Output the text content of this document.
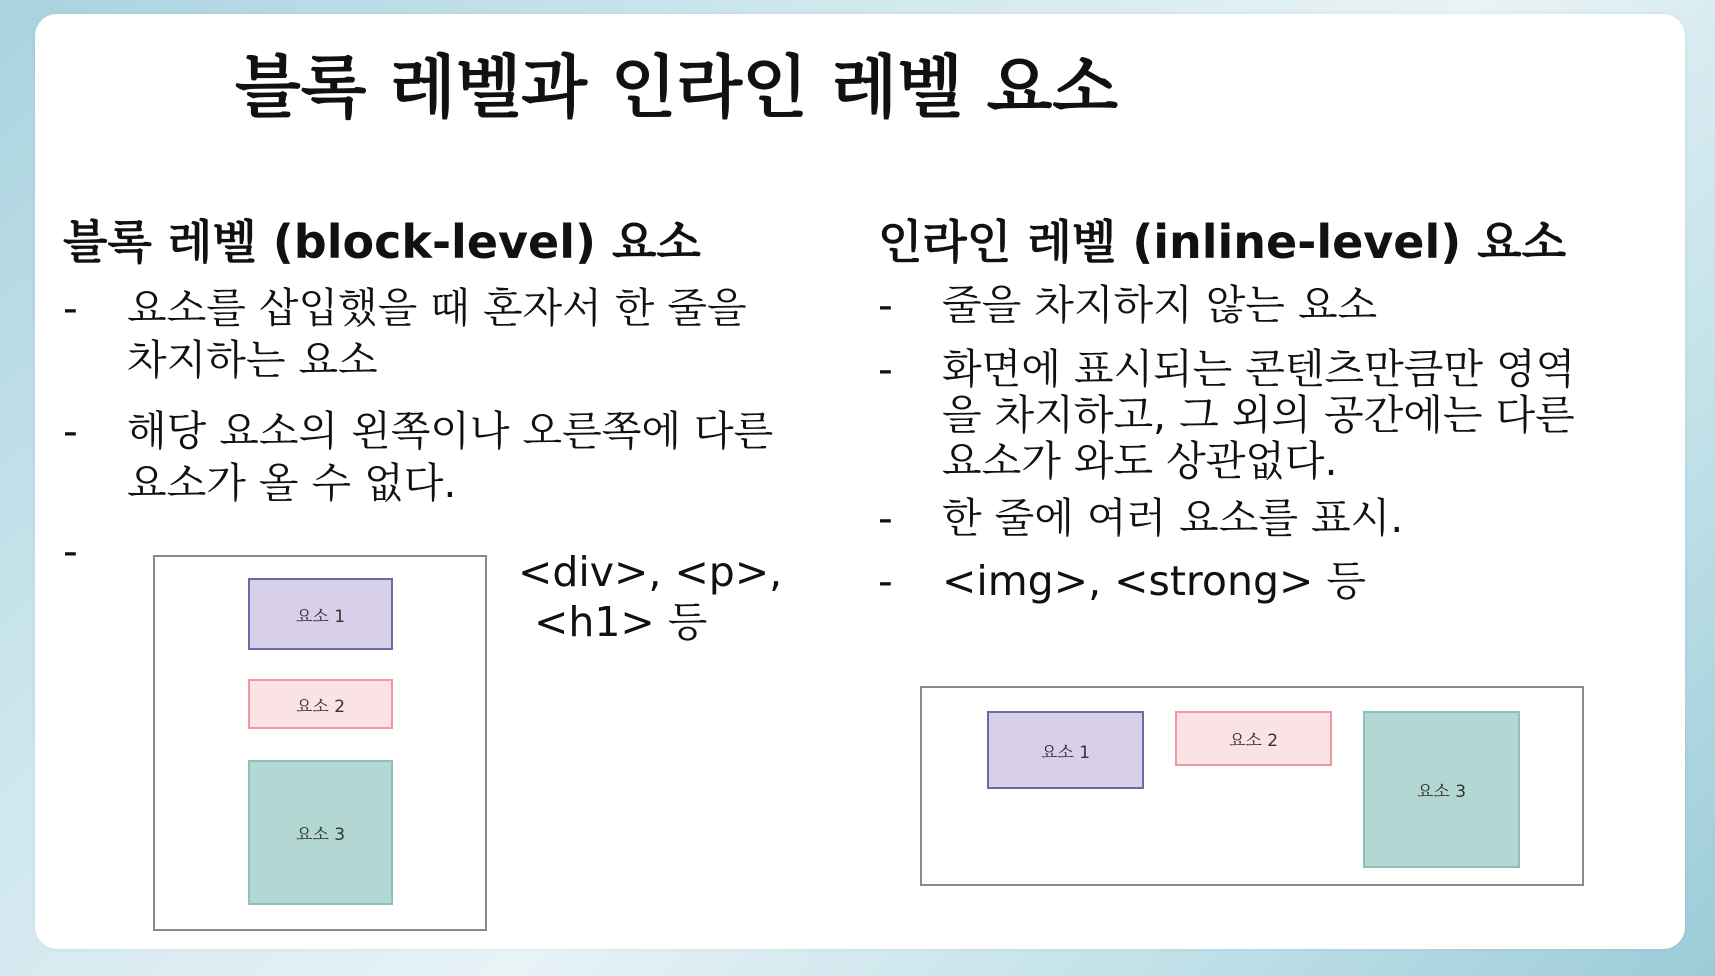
블록 레벨과 인라인 레벨 요소
블록 레벨 (block-level) 요소
-	요소를 삽입했을 때 혼자서 한 줄을 차지하는 요소

-	해당 요소의 왼쪽이나 오른쪽에 다른 요소가 올 수 없다.

-
요소 1
요소 2
요소 3
<div>, <p>,
<h1> 등
인라인 레벨 (inline-level) 요소
-	줄을 차지하지 않는 요소

-	화면에 표시되는 콘텐츠만큼만 영역을 차지하고, 그 외의 공간에는 다른 요소가 와도 상관없다.

-	한 줄에 여러 요소를 표시.

-	<img>, <strong> 등

요소 1
요소 2
요소 3
